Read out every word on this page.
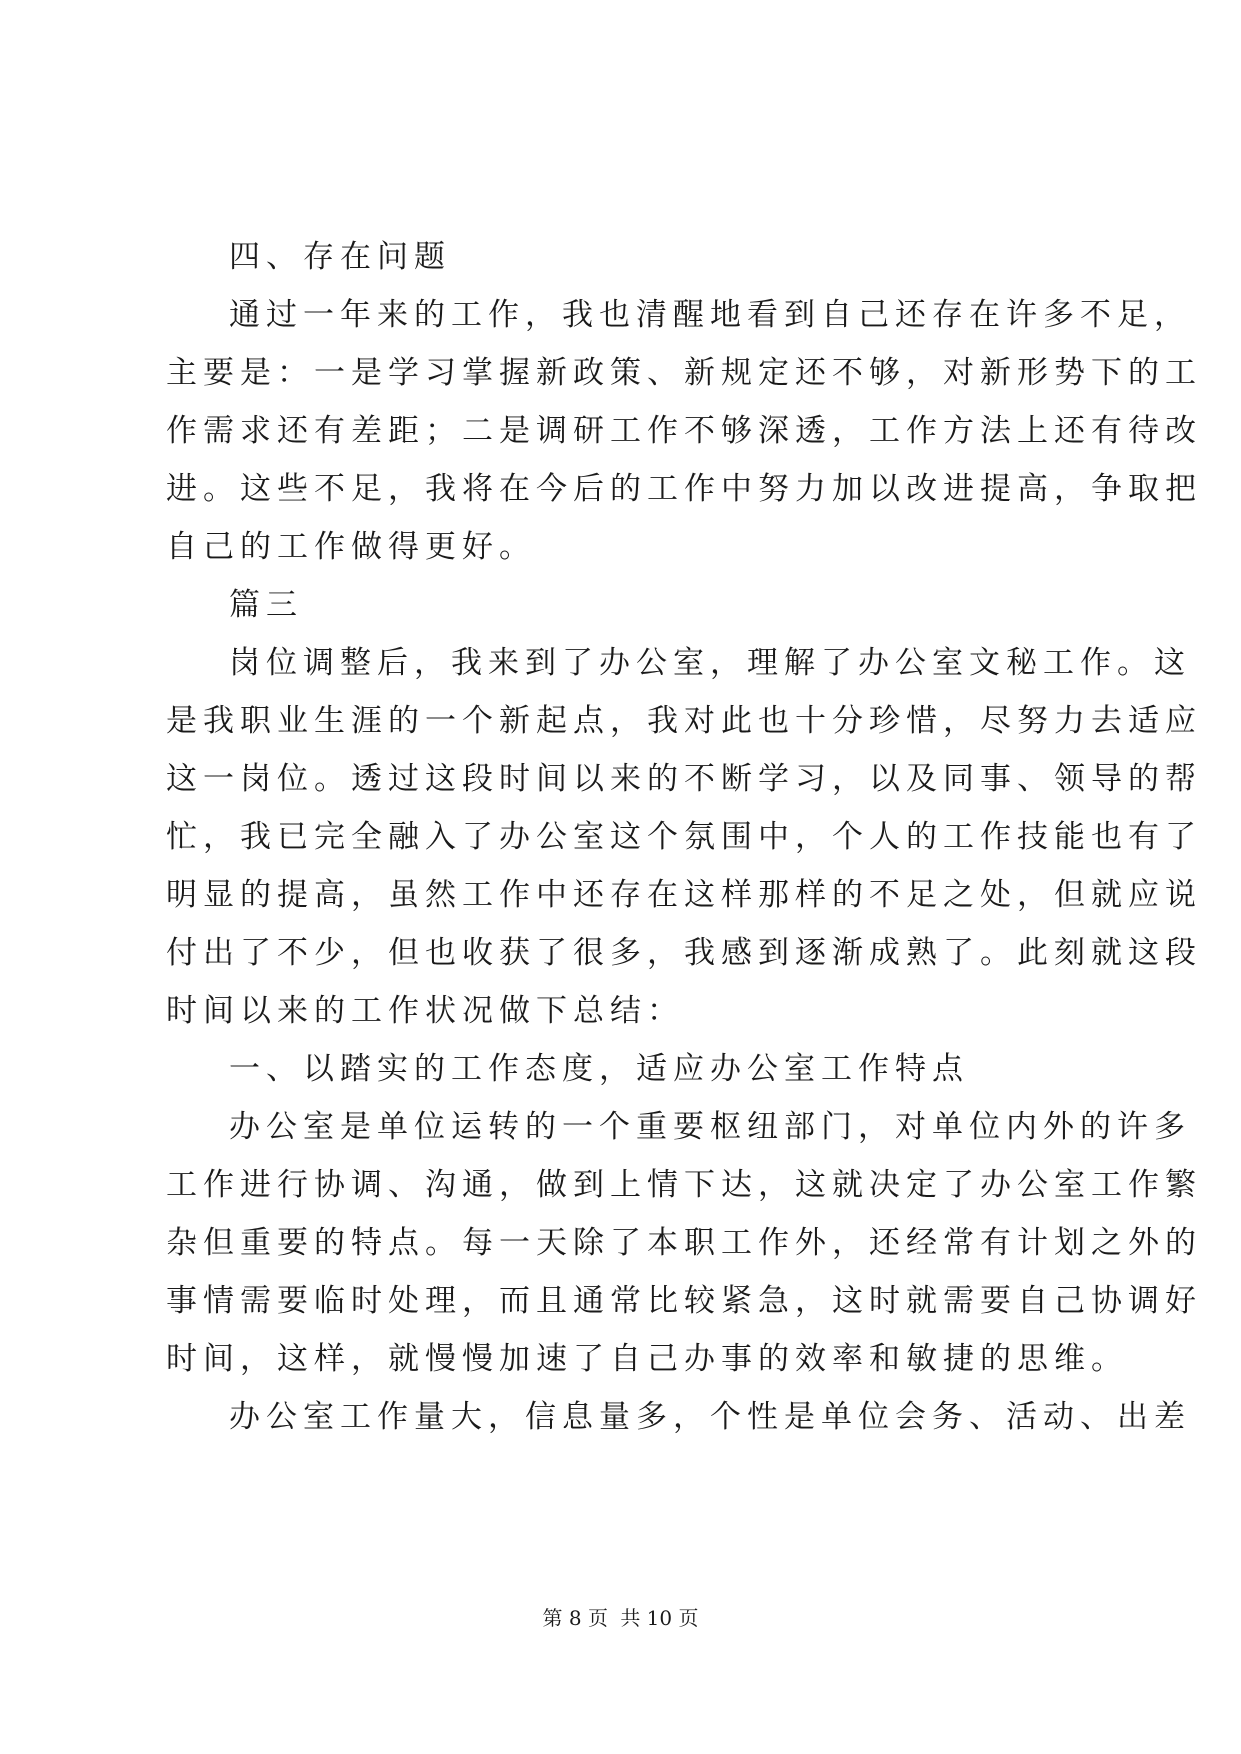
四、存在问题
通过一年来的工作，我也清醒地看到自己还存在许多不足，
主要是：一是学习掌握新政策、新规定还不够，对新形势下的工
作需求还有差距；二是调研工作不够深透，工作方法上还有待改
进。这些不足，我将在今后的工作中努力加以改进提高，争取把
自己的工作做得更好。
篇三
岗位调整后，我来到了办公室，理解了办公室文秘工作。这
是我职业生涯的一个新起点，我对此也十分珍惜，尽努力去适应
这一岗位。透过这段时间以来的不断学习，以及同事、领导的帮
忙，我已完全融入了办公室这个氛围中，个人的工作技能也有了
明显的提高，虽然工作中还存在这样那样的不足之处，但就应说
付出了不少，但也收获了很多，我感到逐渐成熟了。此刻就这段
时间以来的工作状况做下总结：
一、以踏实的工作态度，适应办公室工作特点
办公室是单位运转的一个重要枢纽部门，对单位内外的许多
工作进行协调、沟通，做到上情下达，这就决定了办公室工作繁
杂但重要的特点。每一天除了本职工作外，还经常有计划之外的
事情需要临时处理，而且通常比较紧急，这时就需要自己协调好
时间，这样，就慢慢加速了自己办事的效率和敏捷的思维。
办公室工作量大，信息量多，个性是单位会务、活动、出差
第 8 页 共 10 页
